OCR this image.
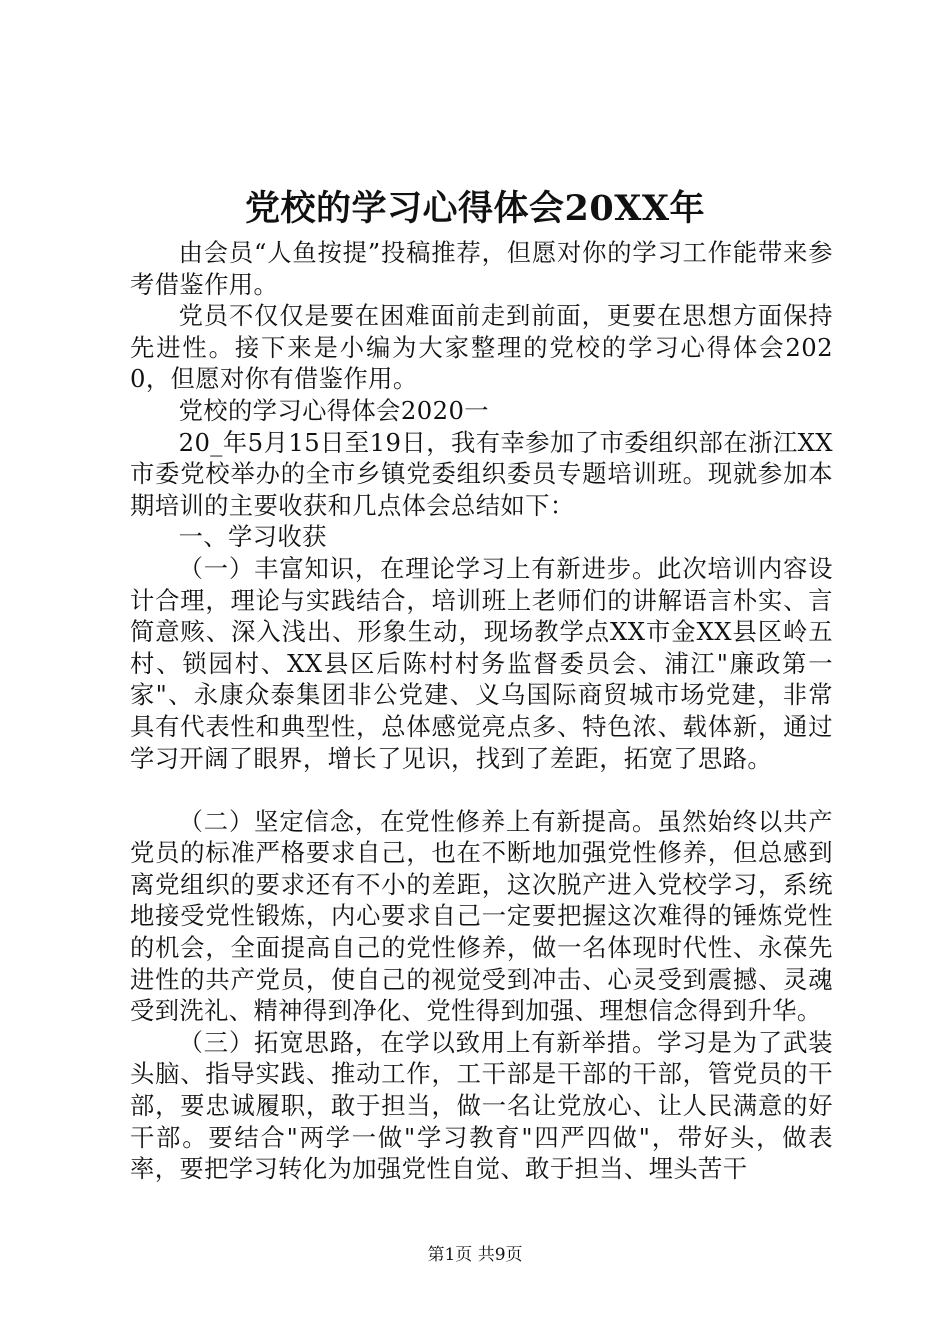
党校的学习心得体会20XX年

由会员“人鱼按提”投稿推荐，但愿对你的学习工作能带来参考借鉴作用。

党员不仅仅是要在困难面前走到前面，更要在思想方面保持先进性。接下来是小编为大家整理的党校的学习心得体会2020，但愿对你有借鉴作用。

党校的学习心得体会2020一

20_年5月15日至19日，我有幸参加了市委组织部在浙江XX市委党校举办的全市乡镇党委组织委员专题培训班。现就参加本期培训的主要收获和几点体会总结如下：

一、学习收获

（一）丰富知识，在理论学习上有新进步。此次培训内容设计合理，理论与实践结合，培训班上老师们的讲解语言朴实、言简意赅、深入浅出、形象生动，现场教学点XX市金XX县区岭五村、锁园村、XX县区后陈村村务监督委员会、浦江"廉政第一家"、永康众泰集团非公党建、义乌国际商贸城市场党建，非常具有代表性和典型性，总体感觉亮点多、特色浓、载体新，通过学习开阔了眼界，增长了见识，找到了差距，拓宽了思路。

（二）坚定信念，在党性修养上有新提高。虽然始终以共产党员的标准严格要求自己，也在不断地加强党性修养，但总感到离党组织的要求还有不小的差距，这次脱产进入党校学习，系统地接受党性锻炼，内心要求自己一定要把握这次难得的锤炼党性的机会，全面提高自己的党性修养，做一名体现时代性、永葆先进性的共产党员，使自己的视觉受到冲击、心灵受到震撼、灵魂受到洗礼、精神得到净化、党性得到加强、理想信念得到升华。

（三）拓宽思路，在学以致用上有新举措。学习是为了武装头脑、指导实践、推动工作，工干部是干部的干部，管党员的干部，要忠诚履职，敢于担当，做一名让党放心、让人民满意的好干部。要结合"两学一做"学习教育"四严四做"，带好头，做表率，要把学习转化为加强党性自觉、敢于担当、埋头苦干

第1页 共9页
